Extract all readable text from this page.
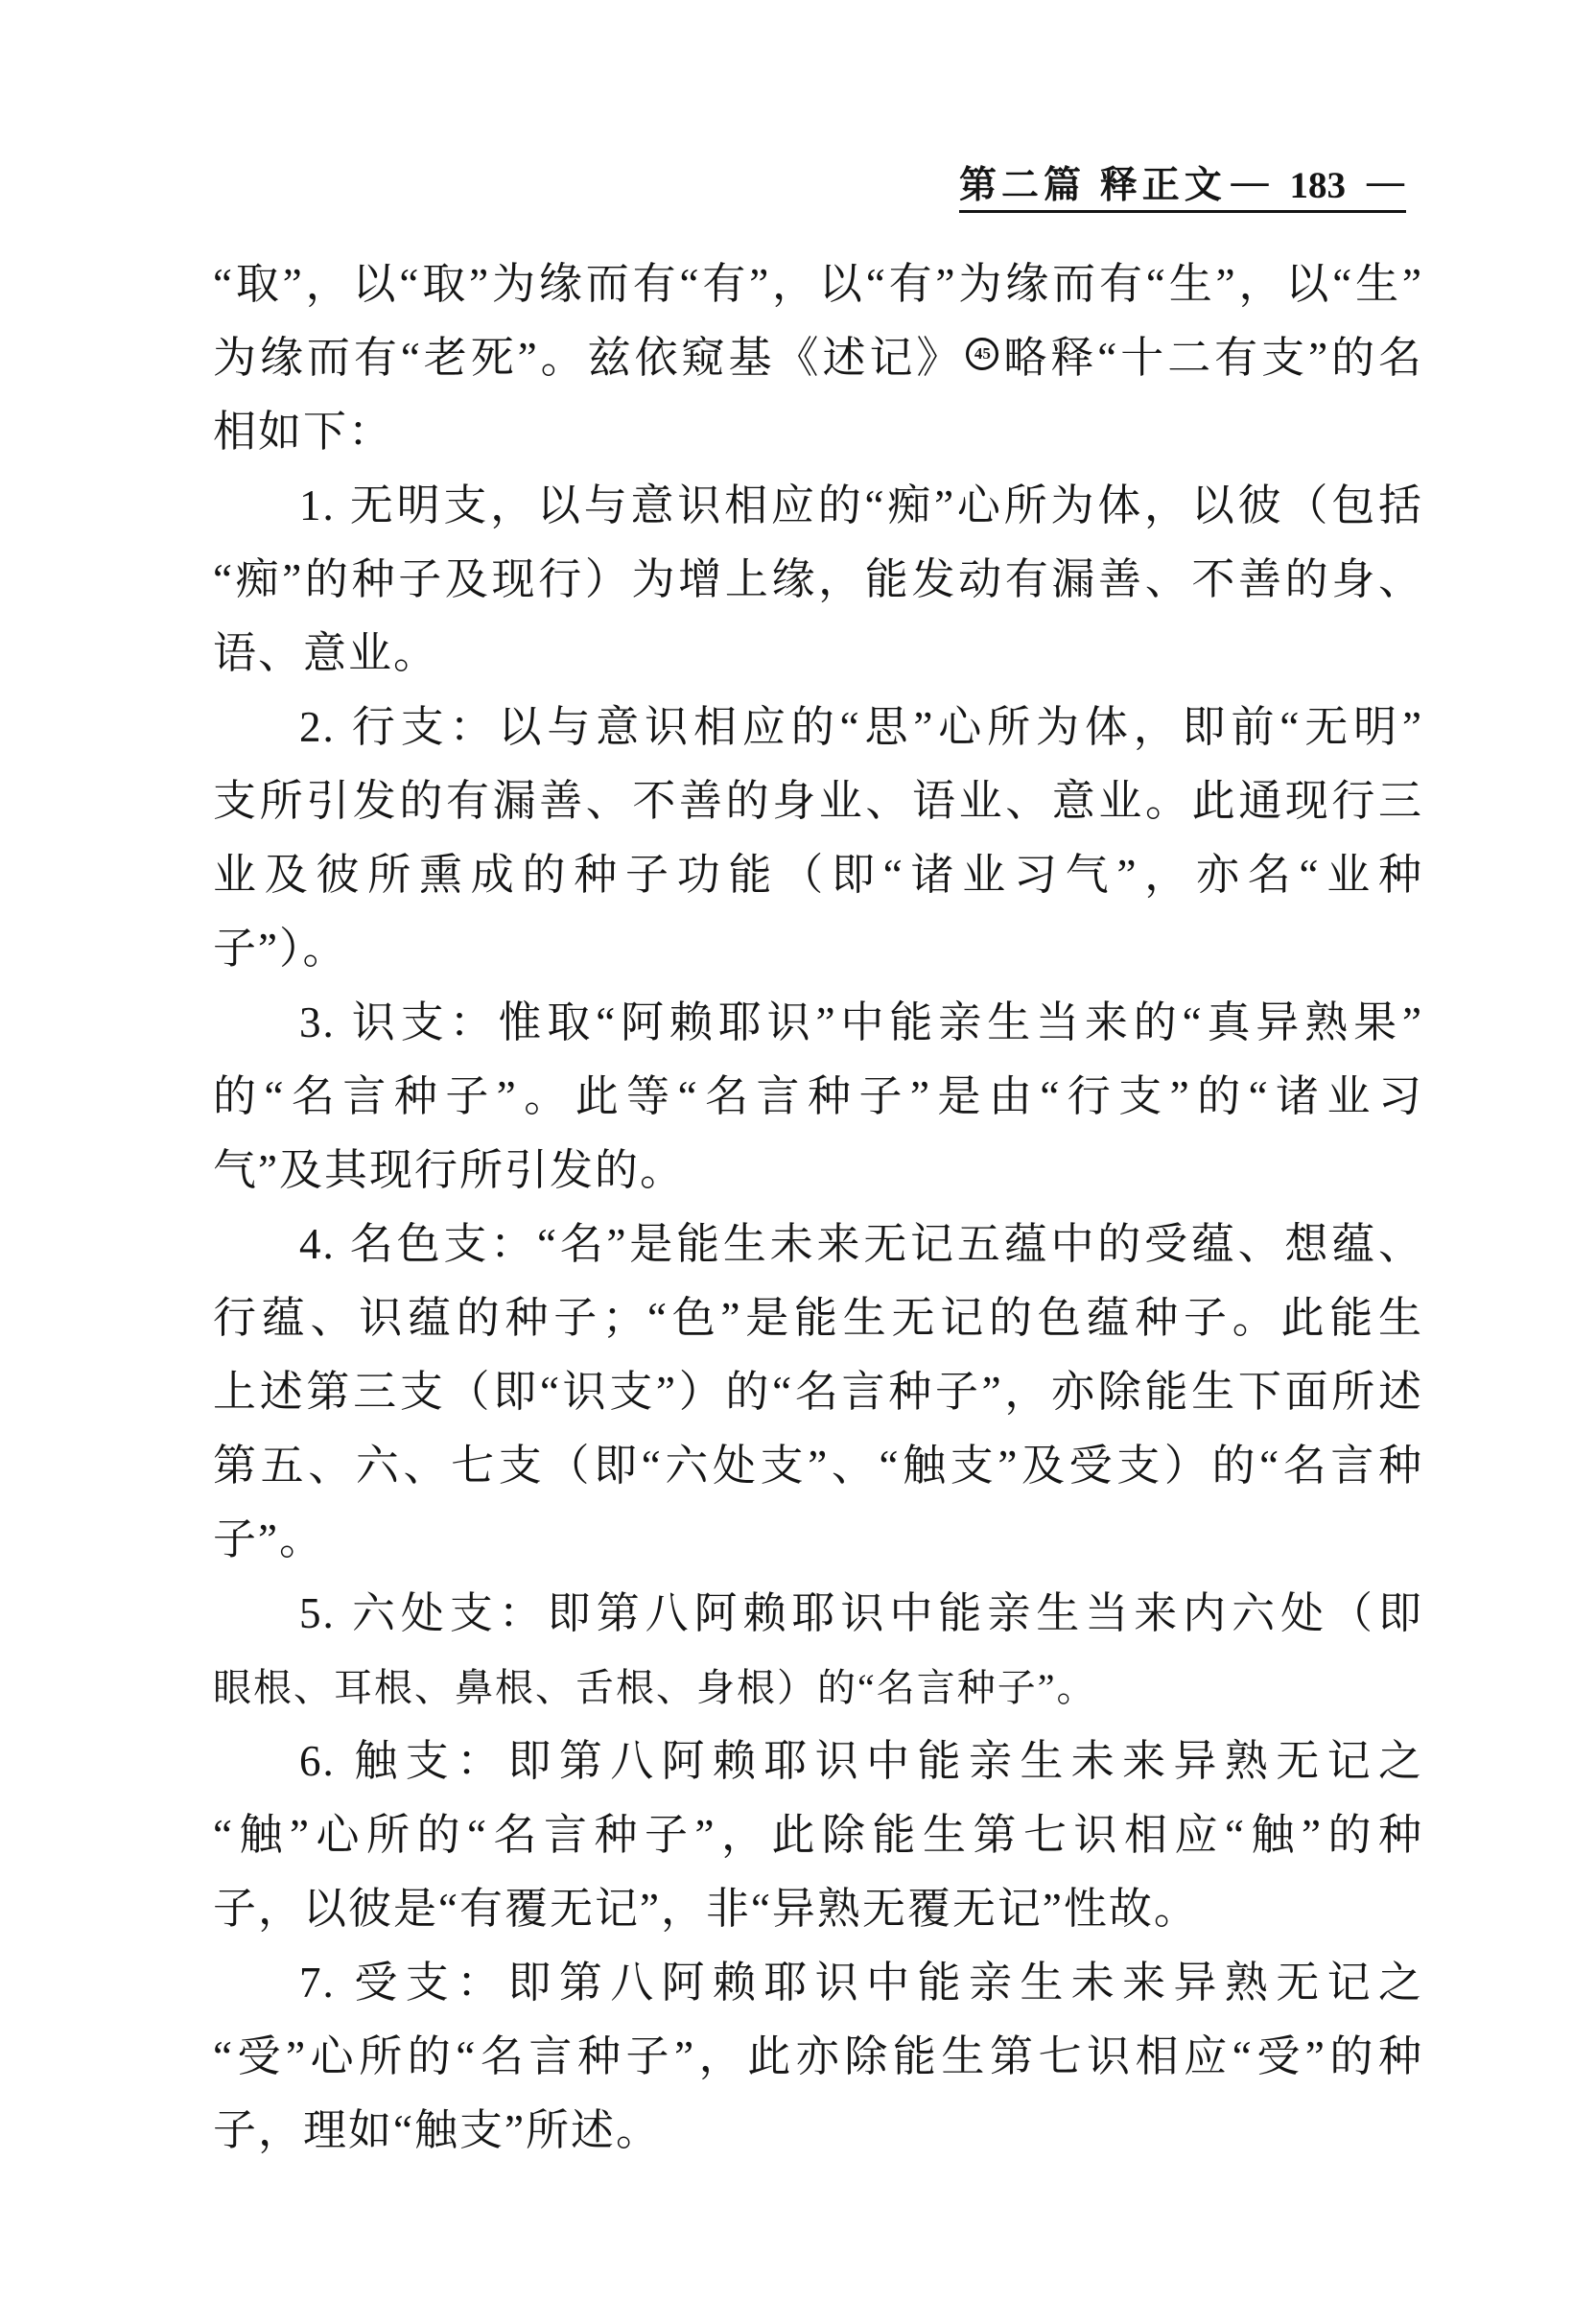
第二篇 释正文 — 183 —
“取”，以“取”为缘而有“有”，以“有”为缘而有“生”，以“生”
为缘而有“老死”。兹依窥基《述记》 45 略释“十二有支”的名
相如下：
1. 无明支，以与意识相应的“痴”心所为体，以彼（包括
“痴”的种子及现行）为增上缘，能发动有漏善、不善的身、
语、意业。
2. 行支：以与意识相应的“思”心所为体，即前“无明”
支所引发的有漏善、不善的身业、语业、意业。此通现行三
业及彼所熏成的种子功能（即“诸业习气”，亦名“业种
子”）。
3. 识支：惟取“阿赖耶识”中能亲生当来的“真异熟果”
的“名言种子”。此等“名言种子”是由“行支”的“诸业习
气”及其现行所引发的。
4. 名色支：“名”是能生未来无记五蕴中的受蕴、想蕴、
行蕴、识蕴的种子；“色”是能生无记的色蕴种子。此能生
上述第三支（即“识支”）的“名言种子”，亦除能生下面所述
第五、六、七支（即“六处支”、“触支”及受支）的“名言种
子”。
5. 六处支：即第八阿赖耶识中能亲生当来内六处（即
眼根、耳根、鼻根、舌根、身根）的“名言种子”。
6. 触支：即第八阿赖耶识中能亲生未来异熟无记之
“触”心所的“名言种子”，此除能生第七识相应“触”的种
子，以彼是“有覆无记”，非“异熟无覆无记”性故。
7. 受支：即第八阿赖耶识中能亲生未来异熟无记之
“受”心所的“名言种子”，此亦除能生第七识相应“受”的种
子，理如“触支”所述。
